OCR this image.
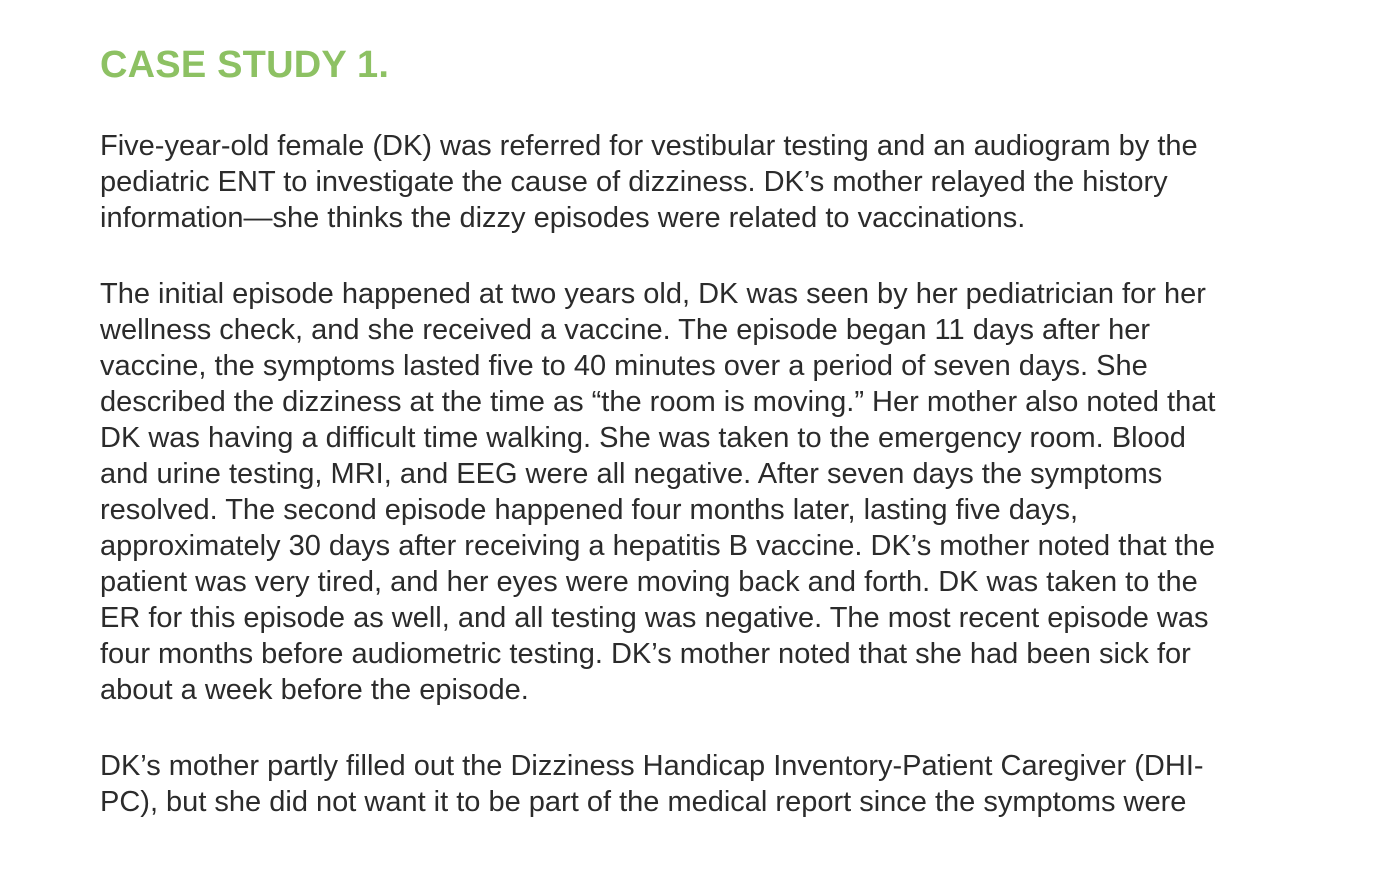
CASE STUDY 1.

Five-year-old female (DK) was referred for vestibular testing and an audiogram by the
pediatric ENT to investigate the cause of dizziness. DK’s mother relayed the history
information—she thinks the dizzy episodes were related to vaccinations.

The initial episode happened at two years old, DK was seen by her pediatrician for her
wellness check, and she received a vaccine. The episode began 11 days after her
vaccine, the symptoms lasted five to 40 minutes over a period of seven days. She
described the dizziness at the time as “the room is moving.” Her mother also noted that
DK was having a difficult time walking. She was taken to the emergency room. Blood
and urine testing, MRI, and EEG were all negative. After seven days the symptoms
resolved. The second episode happened four months later, lasting five days,
approximately 30 days after receiving a hepatitis B vaccine. DK’s mother noted that the
patient was very tired, and her eyes were moving back and forth. DK was taken to the
ER for this episode as well, and all testing was negative. The most recent episode was
four months before audiometric testing. DK’s mother noted that she had been sick for
about a week before the episode.

DK’s mother partly filled out the Dizziness Handicap Inventory-Patient Caregiver (DHI-
PC), but she did not want it to be part of the medical report since the symptoms were
